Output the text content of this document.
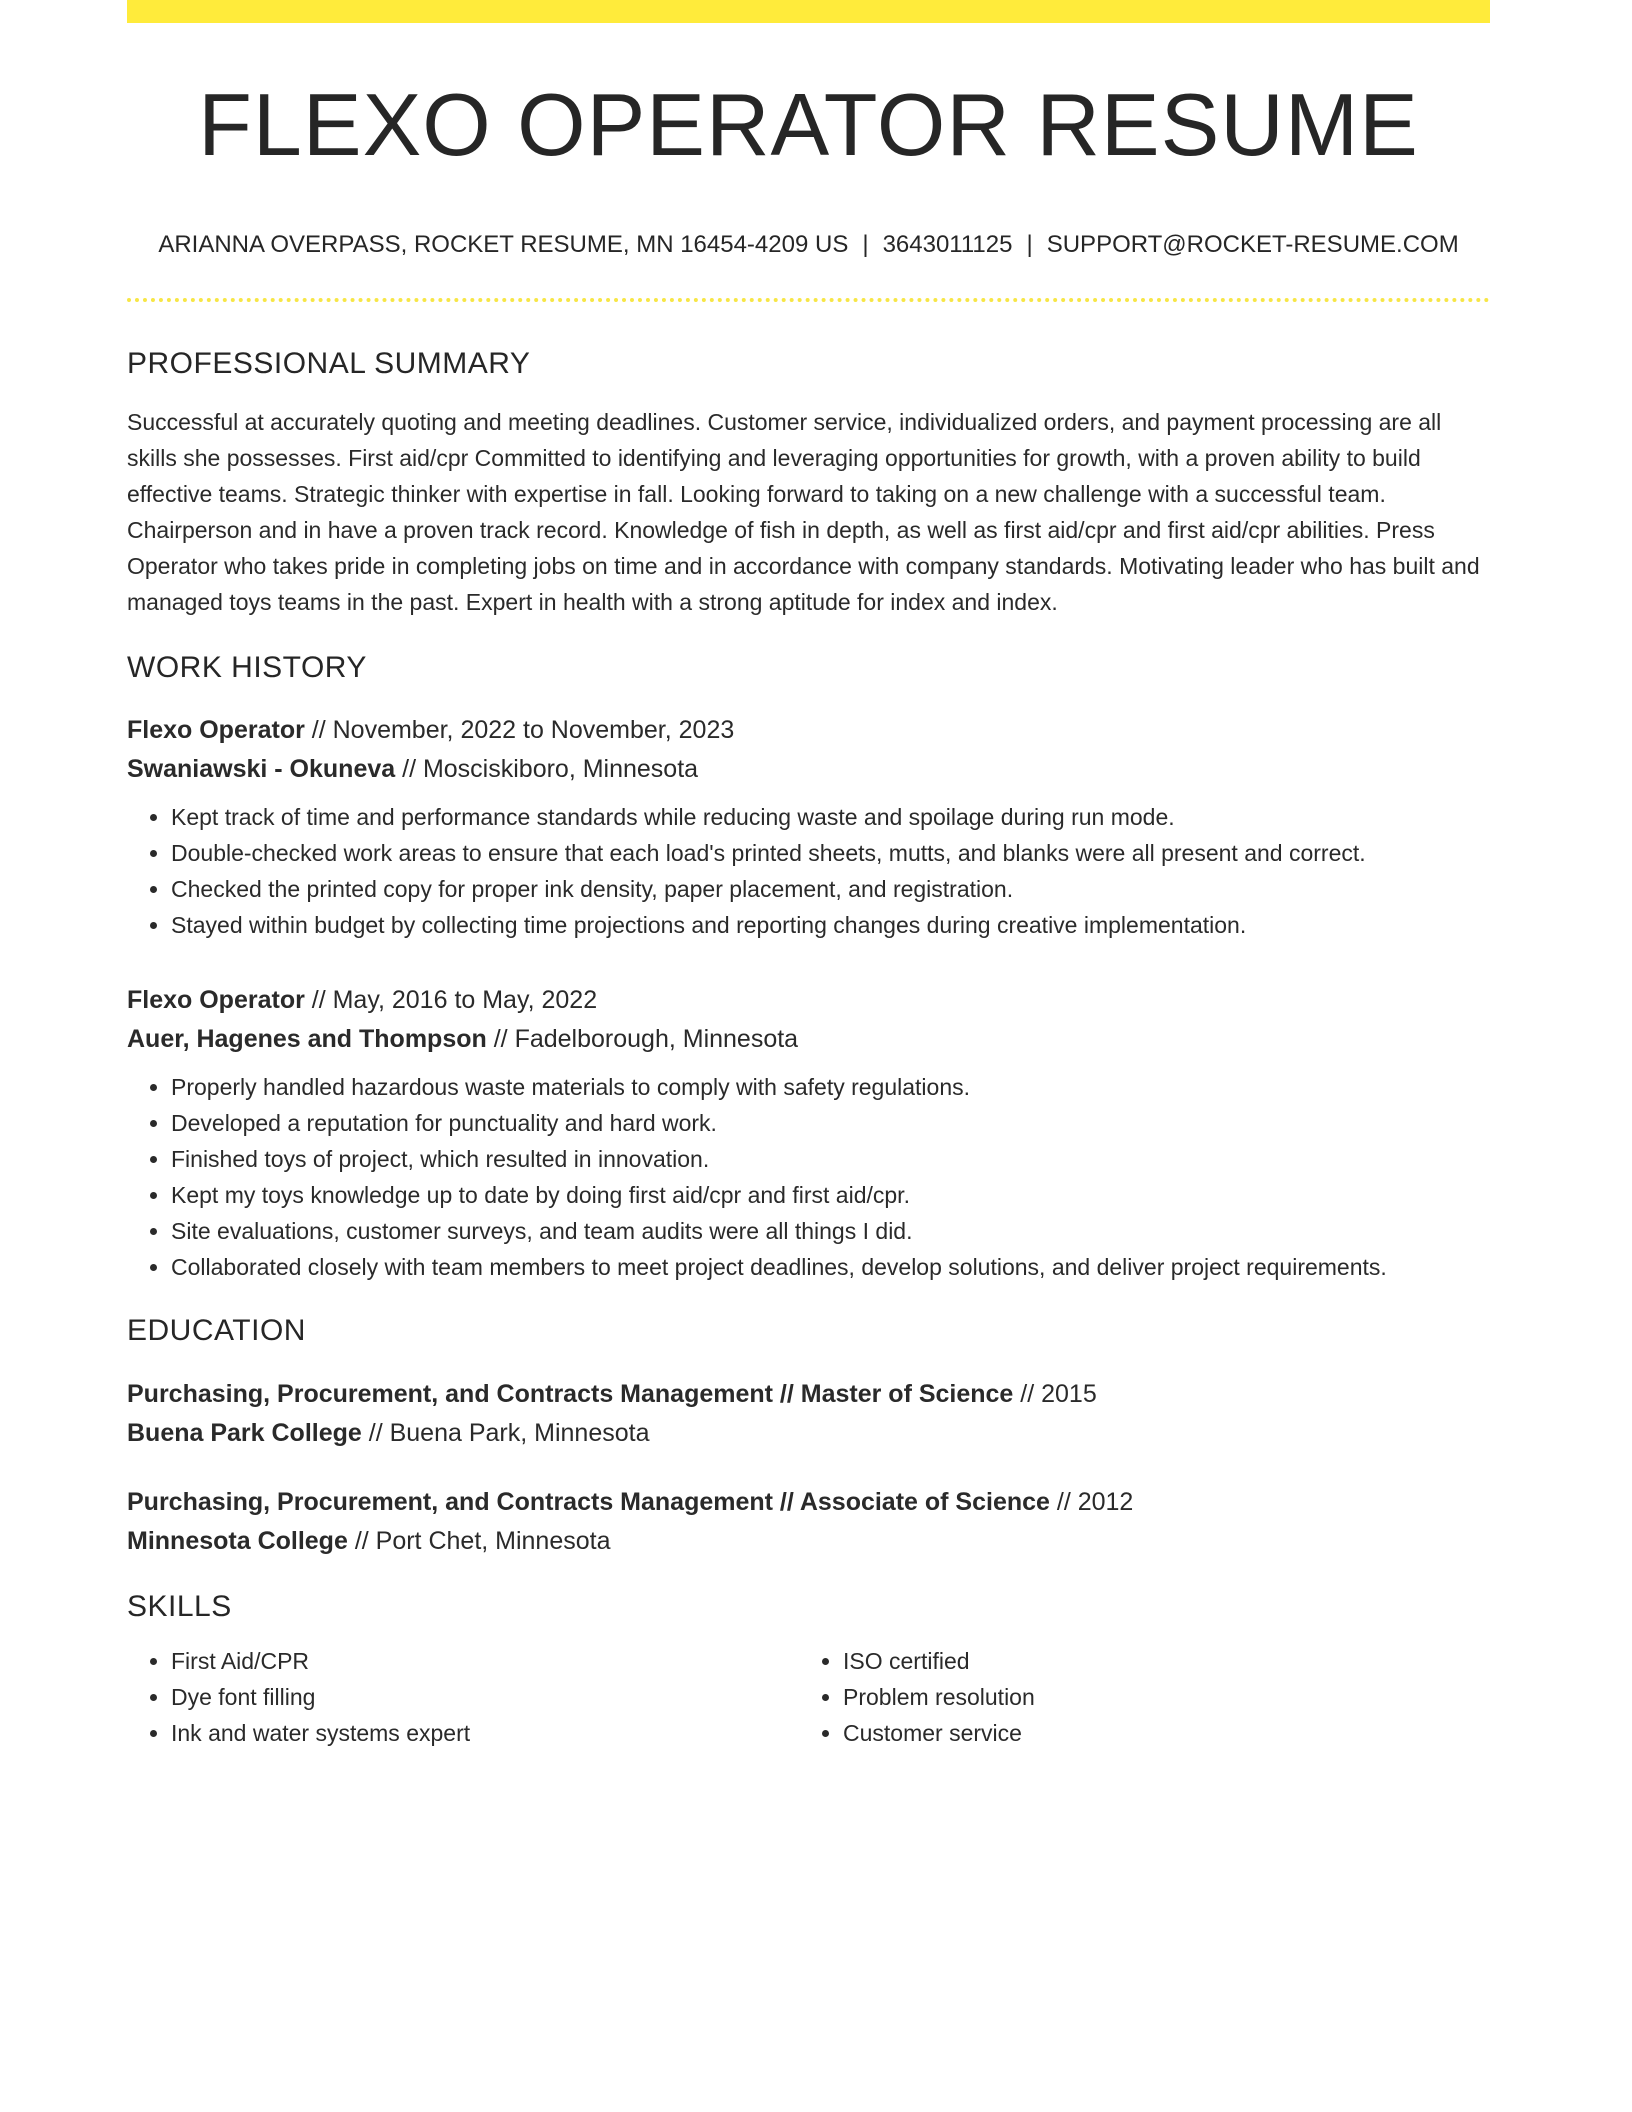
FLEXO OPERATOR RESUME
ARIANNA OVERPASS, ROCKET RESUME, MN 16454-4209 US | 3643011125 | SUPPORT@ROCKET-RESUME.COM
PROFESSIONAL SUMMARY

Successful at accurately quoting and meeting deadlines. Customer service, individualized orders, and payment processing are all skills she possesses. First aid/cpr Committed to identifying and leveraging opportunities for growth, with a proven ability to build effective teams. Strategic thinker with expertise in fall. Looking forward to taking on a new challenge with a successful team. Chairperson and in have a proven track record. Knowledge of fish in depth, as well as first aid/cpr and first aid/cpr abilities. Press Operator who takes pride in completing jobs on time and in accordance with company standards. Motivating leader who has built and managed toys teams in the past. Expert in health with a strong aptitude for index and index.

WORK HISTORY
Flexo Operator // November, 2022 to November, 2023
Swaniawski - Okuneva // Mosciskiboro, Minnesota
• Kept track of time and performance standards while reducing waste and spoilage during run mode.
• Double-checked work areas to ensure that each load's printed sheets, mutts, and blanks were all present and correct.
• Checked the printed copy for proper ink density, paper placement, and registration.
• Stayed within budget by collecting time projections and reporting changes during creative implementation.
Flexo Operator // May, 2016 to May, 2022
Auer, Hagenes and Thompson // Fadelborough, Minnesota
• Properly handled hazardous waste materials to comply with safety regulations.
• Developed a reputation for punctuality and hard work.
• Finished toys of project, which resulted in innovation.
• Kept my toys knowledge up to date by doing first aid/cpr and first aid/cpr.
• Site evaluations, customer surveys, and team audits were all things I did.
• Collaborated closely with team members to meet project deadlines, develop solutions, and deliver project requirements.
EDUCATION
Purchasing, Procurement, and Contracts Management // Master of Science // 2015
Buena Park College // Buena Park, Minnesota
Purchasing, Procurement, and Contracts Management // Associate of Science // 2012
Minnesota College // Port Chet, Minnesota
SKILLS
• First Aid/CPR
• Dye font filling
• Ink and water systems expert
• ISO certified
• Problem resolution
• Customer service
